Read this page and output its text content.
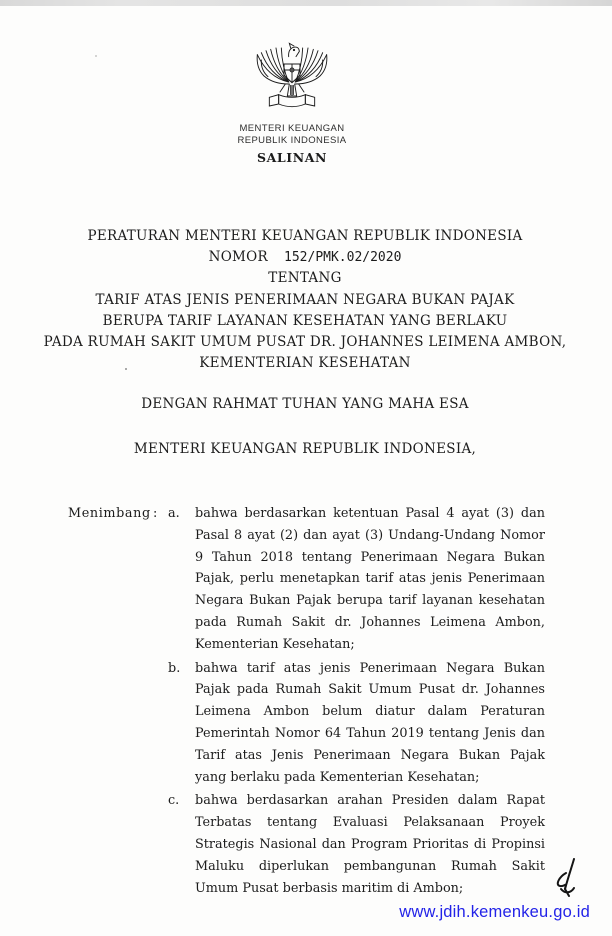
MENTERI KEUANGAN
REPUBLIK INDONESIA
SALINAN
PERATURAN MENTERI KEUANGAN REPUBLIK INDONESIA
NOMOR 152/PMK.02/2020
TENTANG
TARIF ATAS JENIS PENERIMAAN NEGARA BUKAN PAJAK
BERUPA TARIF LAYANAN KESEHATAN YANG BERLAKU
PADA RUMAH SAKIT UMUM PUSAT DR. JOHANNES LEIMENA AMBON,
KEMENTERIAN KESEHATAN
DENGAN RAHMAT TUHAN YANG MAHA ESA
MENTERI KEUANGAN REPUBLIK INDONESIA,
Menimbang : a.	bahwa berdasarkan ketentuan Pasal 4 ayat (3) dan Pasal 8 ayat (2) dan ayat (3) Undang-Undang Nomor 9 Tahun 2018 tentang Penerimaan Negara Bukan Pajak, perlu menetapkan tarif atas jenis Penerimaan Negara Bukan Pajak berupa tarif layanan kesehatan pada Rumah Sakit dr. Johannes Leimena Ambon, Kementerian Kesehatan;
b.	bahwa tarif atas jenis Penerimaan Negara Bukan Pajak pada Rumah Sakit Umum Pusat dr. Johannes Leimena Ambon belum diatur dalam Peraturan Pemerintah Nomor 64 Tahun 2019 tentang Jenis dan Tarif atas Jenis Penerimaan Negara Bukan Pajak yang berlaku pada Kementerian Kesehatan;
c.	bahwa berdasarkan arahan Presiden dalam Rapat Terbatas tentang Evaluasi Pelaksanaan Proyek Strategis Nasional dan Program Prioritas di Propinsi Maluku diperlukan pembangunan Rumah Sakit Umum Pusat berbasis maritim di Ambon;
www.jdih.kemenkeu.go.id
